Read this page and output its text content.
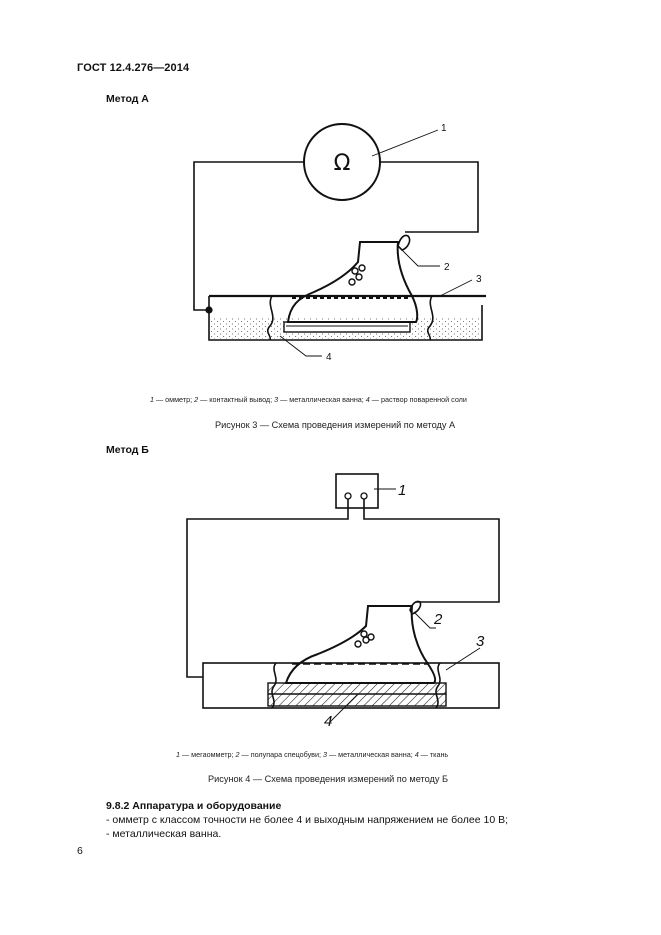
ГОСТ 12.4.276—2014
Метод А
Ω
1
2
3
4
1 — омметр; 2 — контактный вывод; 3 — металлическая ванна; 4 — раствор поваренной соли
Рисунок 3 — Схема проведения измерений по методу А
Метод Б
1
2
3
4
1 — мегаомметр; 2 — полупара спецобуви; 3 — металлическая ванна; 4 — ткань
Рисунок 4 — Схема проведения измерений по методу Б
9.8.2 Аппаратура и оборудование
- омметр с классом точности не более 4 и выходным напряжением не более 10 В;
- металлическая ванна.
6
